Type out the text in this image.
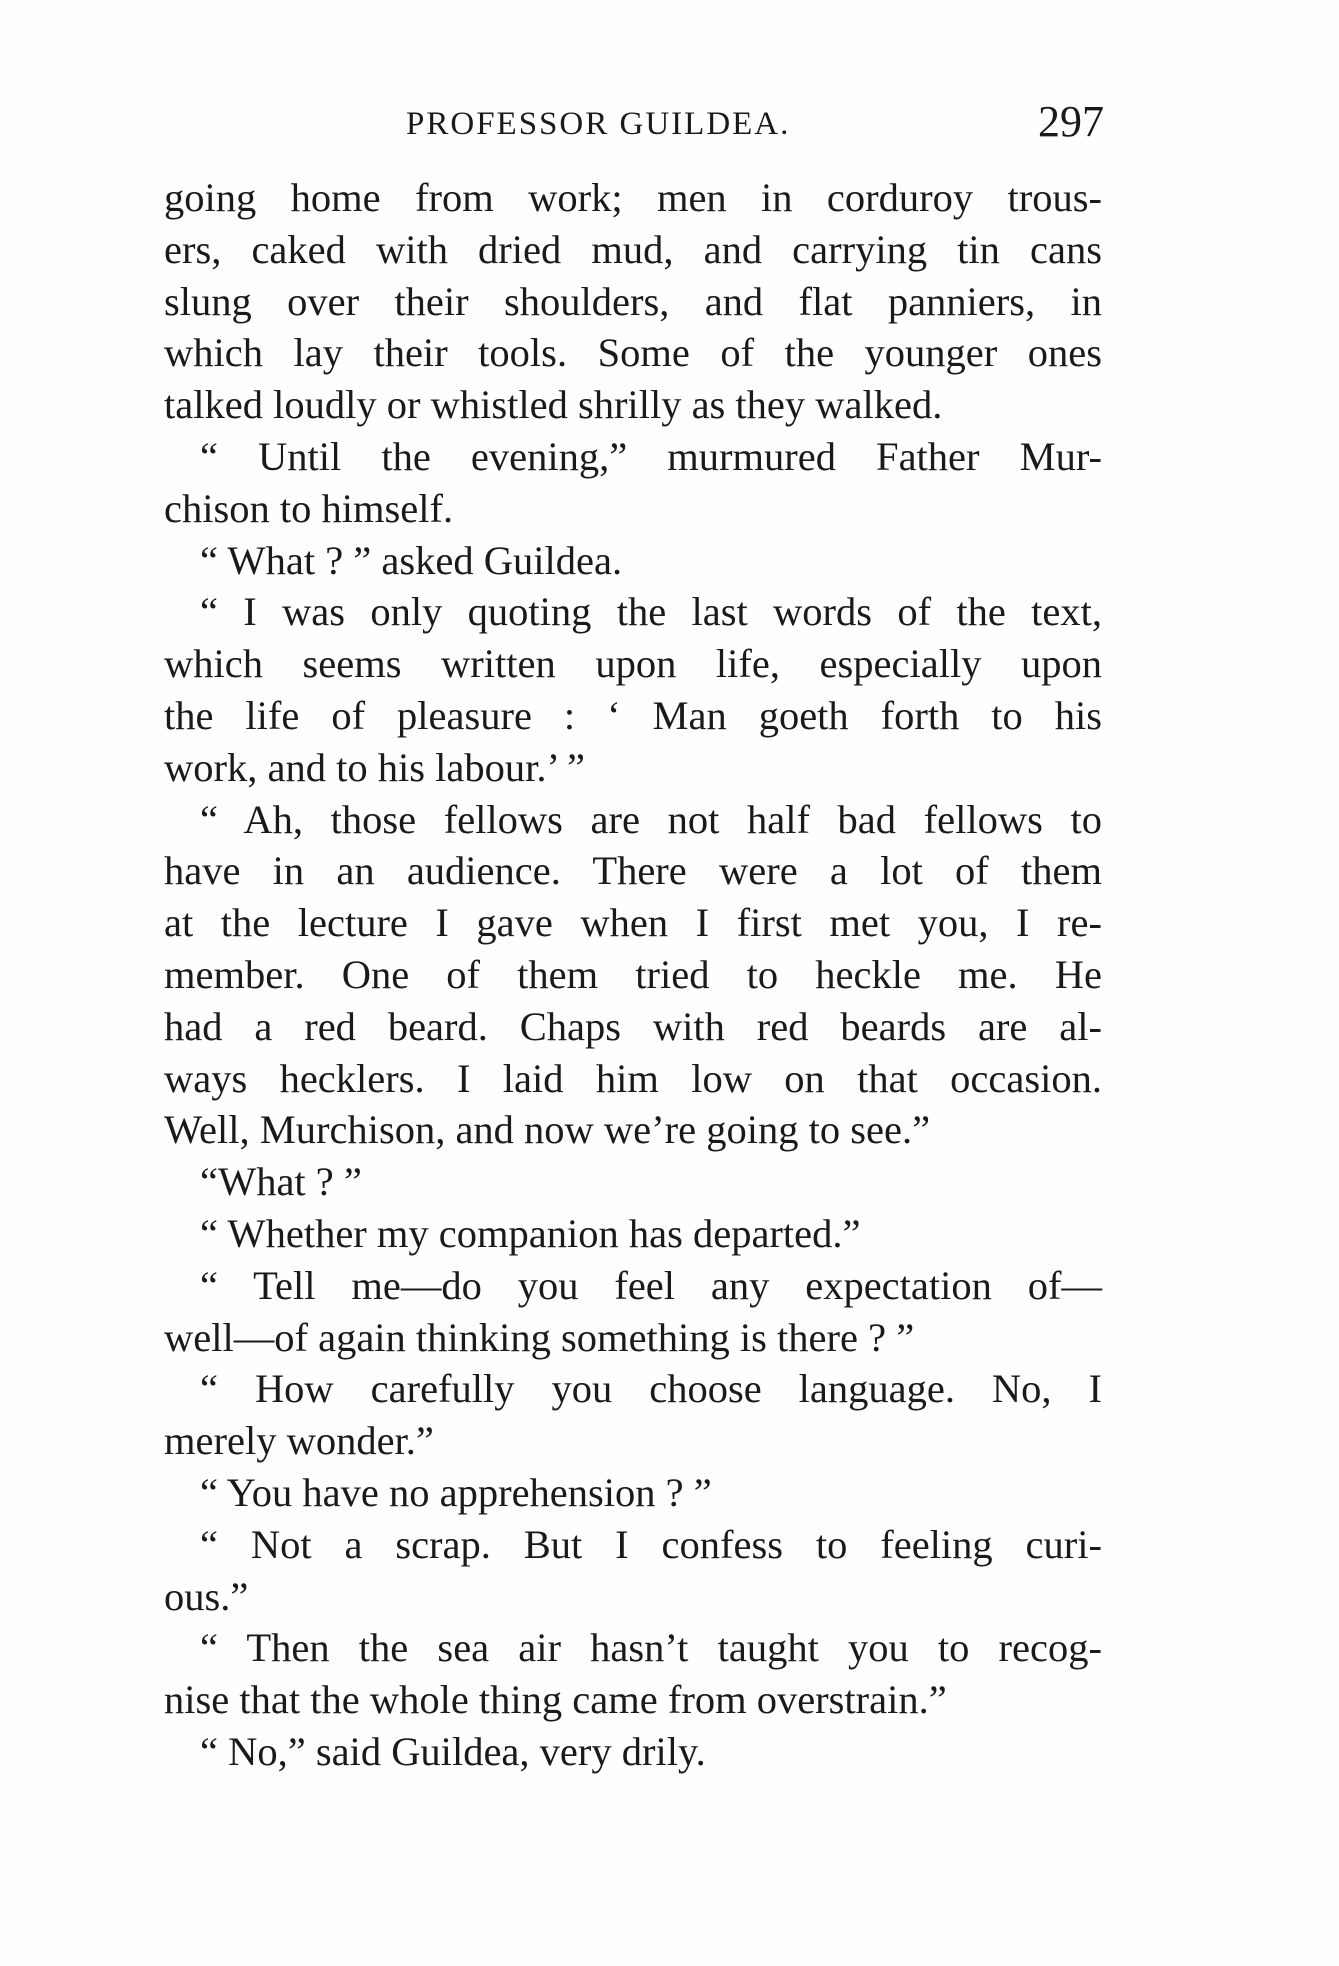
PROFESSOR GUILDEA.	297
going home from work; men in corduroy trous-
ers, caked with dried mud, and carrying tin cans
slung over their shoulders, and flat panniers, in
which lay their tools. Some of the younger ones
talked loudly or whistled shrilly as they walked.
“ Until the evening,” murmured Father Mur-
chison to himself.
“ What ? ” asked Guildea.
“ I was only quoting the last words of the text,
which seems written upon life, especially upon
the life of pleasure : ‘ Man goeth forth to his
work, and to his labour.’ ”
“ Ah, those fellows are not half bad fellows to
have in an audience. There were a lot of them
at the lecture I gave when I first met you, I re-
member. One of them tried to heckle me. He
had a red beard. Chaps with red beards are al-
ways hecklers. I laid him low on that occasion.
Well, Murchison, and now we’re going to see.”
“What ? ”
“ Whether my companion has departed.”
“ Tell me—do you feel any expectation of—
well—of again thinking something is there ? ”
“ How carefully you choose language. No, I
merely wonder.”
“ You have no apprehension ? ”
“ Not a scrap. But I confess to feeling curi-
ous.”
“ Then the sea air hasn’t taught you to recog-
nise that the whole thing came from overstrain.”
“ No,” said Guildea, very drily.
